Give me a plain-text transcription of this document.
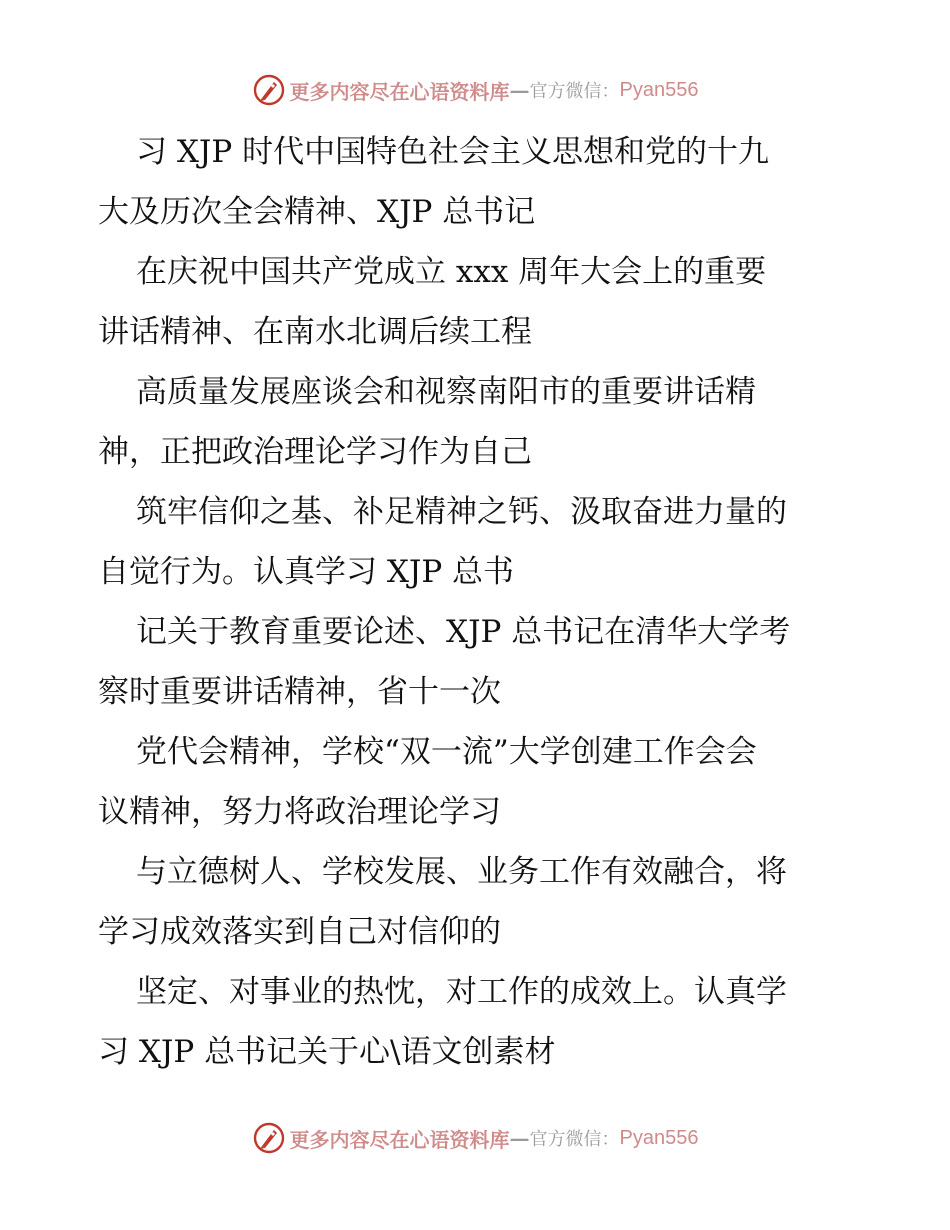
更多内容尽在心语资料库 — 官方微信： Pyan556

习 XJP 时代中国特色社会主义思想和党的十九
大及历次全会精神、XJP 总书记

在庆祝中国共产党成立 xxx 周年大会上的重要
讲话精神、在南水北调后续工程

高质量发展座谈会和视察南阳市的重要讲话精
神，正把政治理论学习作为自己

筑牢信仰之基、补足精神之钙、汲取奋进力量的
自觉行为。认真学习 XJP 总书

记关于教育重要论述、XJP 总书记在清华大学考
察时重要讲话精神，省十一次

党代会精神，学校“双一流”大学创建工作会会
议精神，努力将政治理论学习

与立德树人、学校发展、业务工作有效融合，将
学习成效落实到自己对信仰的

坚定、对事业的热忱，对工作的成效上。认真学
习 XJP 总书记关于心\语文创素材

更多内容尽在心语资料库 — 官方微信： Pyan556
